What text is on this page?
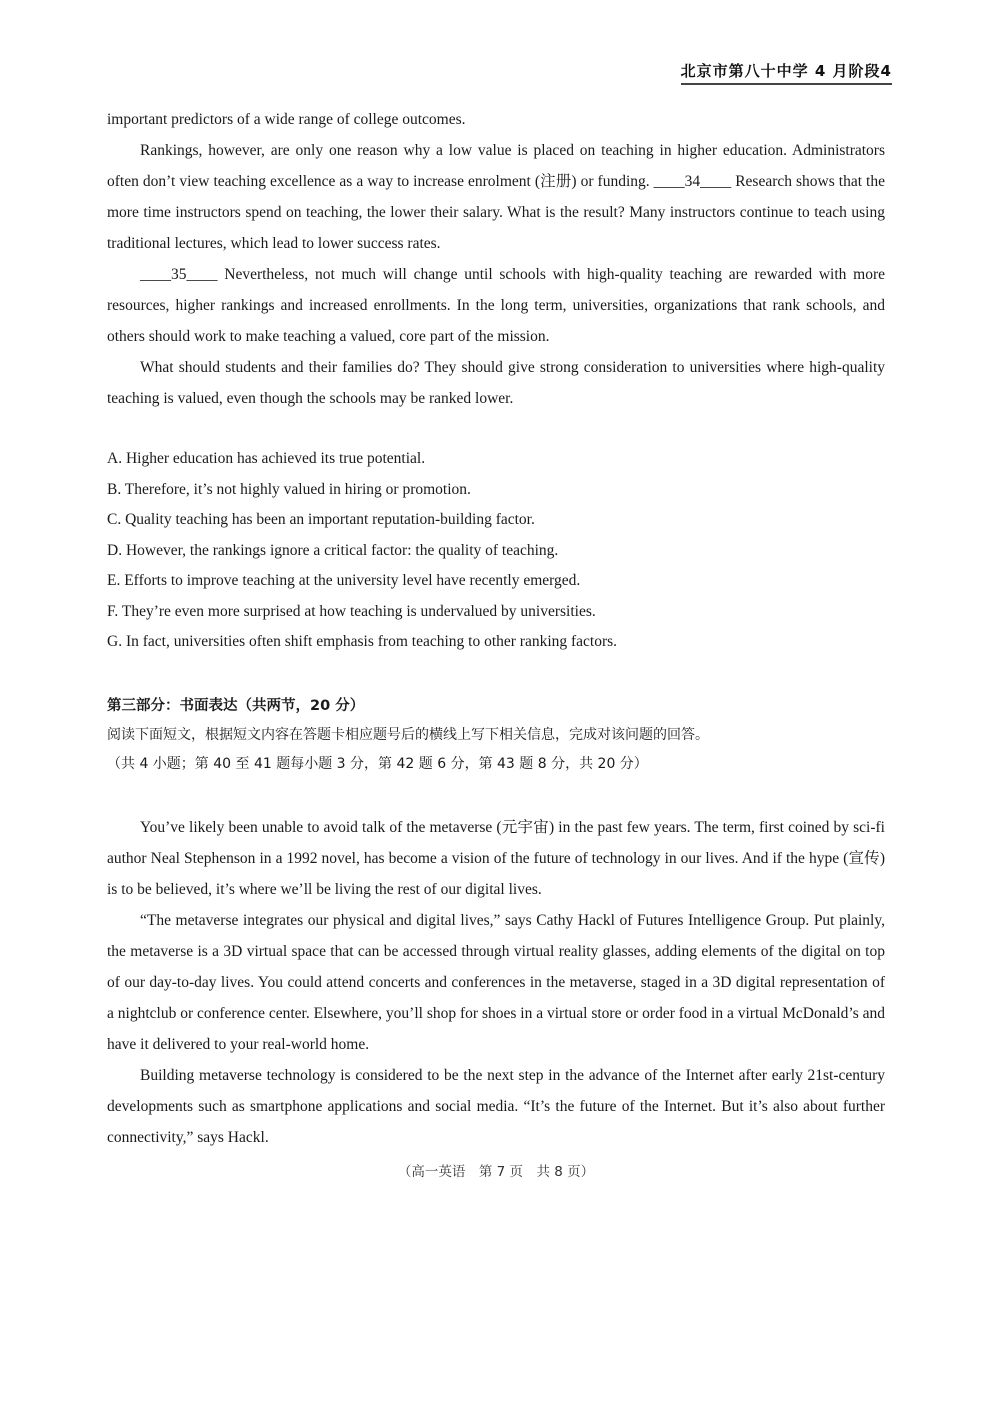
北京市第八十中学 4 月阶段4

important predictors of a wide range of college outcomes.

Rankings, however, are only one reason why a low value is placed on teaching in higher education. Administrators often don’t view teaching excellence as a way to increase enrolment (注册) or funding. ____34____ Research shows that the more time instructors spend on teaching, the lower their salary. What is the result? Many instructors continue to teach using traditional lectures, which lead to lower success rates.

____35____ Nevertheless, not much will change until schools with high-quality teaching are rewarded with more resources, higher rankings and increased enrollments. In the long term, universities, organizations that rank schools, and others should work to make teaching a valued, core part of the mission.

What should students and their families do? They should give strong consideration to universities where high-quality teaching is valued, even though the schools may be ranked lower.

A. Higher education has achieved its true potential.

B. Therefore, it’s not highly valued in hiring or promotion.

C. Quality teaching has been an important reputation-building factor.

D. However, the rankings ignore a critical factor: the quality of teaching.

E. Efforts to improve teaching at the university level have recently emerged.

F. They’re even more surprised at how teaching is undervalued by universities.

G. In fact, universities often shift emphasis from teaching to other ranking factors.

第三部分：书面表达（共两节，20 分）

阅读下面短文，根据短文内容在答题卡相应题号后的横线上写下相关信息，完成对该问题的回答。

（共 4 小题；第 40 至 41 题每小题 3 分，第 42 题 6 分，第 43 题 8 分，共 20 分）

You’ve likely been unable to avoid talk of the metaverse (元宇宙) in the past few years. The term, first coined by sci-fi author Neal Stephenson in a 1992 novel, has become a vision of the future of technology in our lives. And if the hype (宣传) is to be believed, it’s where we’ll be living the rest of our digital lives.

“The metaverse integrates our physical and digital lives,” says Cathy Hackl of Futures Intelligence Group. Put plainly, the metaverse is a 3D virtual space that can be accessed through virtual reality glasses, adding elements of the digital on top of our day-to-day lives. You could attend concerts and conferences in the metaverse, staged in a 3D digital representation of a nightclub or conference center. Elsewhere, you’ll shop for shoes in a virtual store or order food in a virtual McDonald’s and have it delivered to your real-world home.

Building metaverse technology is considered to be the next step in the advance of the Internet after early 21st-century developments such as smartphone applications and social media. “It’s the future of the Internet. But it’s also about further connectivity,” says Hackl.

（高一英语　第 7 页　共 8 页）
